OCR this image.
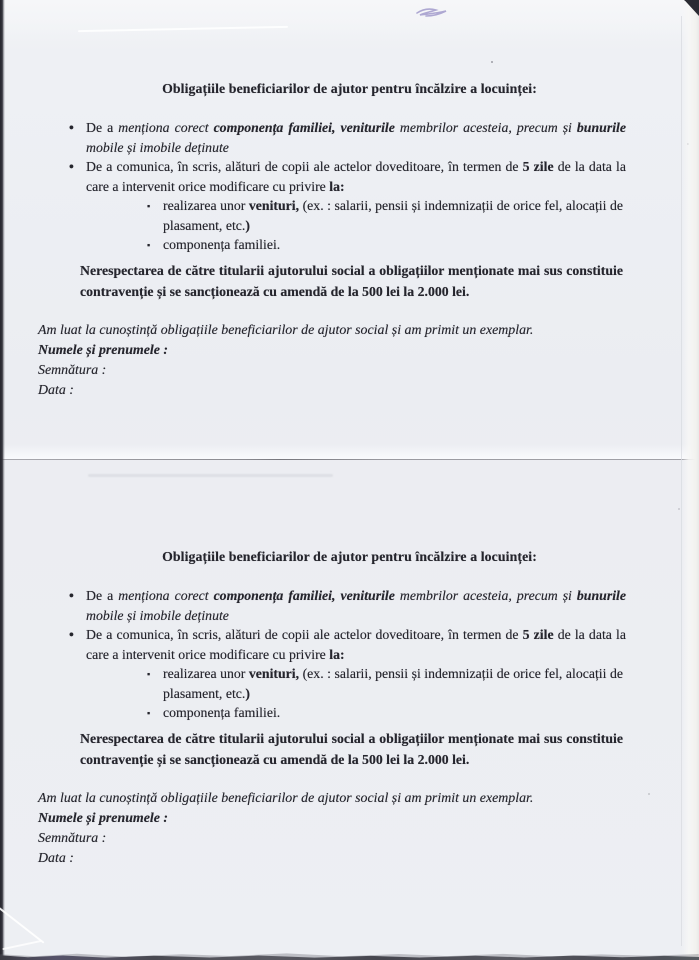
Obligațiile beneficiarilor de ajutor pentru încălzire a locuinței:
• De a menționa corect componența familiei, veniturile membrilor acesteia, precum și bunurile mobile și imobile deținute
• De a comunica, în scris, alături de copii ale actelor doveditoare, în termen de 5 zile de la data la care a intervenit orice modificare cu privire la:
▪ realizarea unor venituri, (ex. : salarii, pensii și indemnizații de orice fel, alocații de plasament, etc.)
▪ componența familiei.

Nerespectarea de către titularii ajutorului social a obligațiilor menționate mai sus constituie contravenție și se sancționează cu amendă de la 500 lei la 2.000 lei.

Am luat la cunoștință obligațiile beneficiarilor de ajutor social și am primit un exemplar.

Numele și prenumele :

Semnătura :

Data :

Obligațiile beneficiarilor de ajutor pentru încălzire a locuinței:
• De a menționa corect componența familiei, veniturile membrilor acesteia, precum și bunurile mobile și imobile deținute
• De a comunica, în scris, alături de copii ale actelor doveditoare, în termen de 5 zile de la data la care a intervenit orice modificare cu privire la:
▪ realizarea unor venituri, (ex. : salarii, pensii și indemnizații de orice fel, alocații de plasament, etc.)
▪ componența familiei.

Nerespectarea de către titularii ajutorului social a obligațiilor menționate mai sus constituie contravenție și se sancționează cu amendă de la 500 lei la 2.000 lei.

Am luat la cunoștință obligațiile beneficiarilor de ajutor social și am primit un exemplar.

Numele și prenumele :

Semnătura :

Data :
